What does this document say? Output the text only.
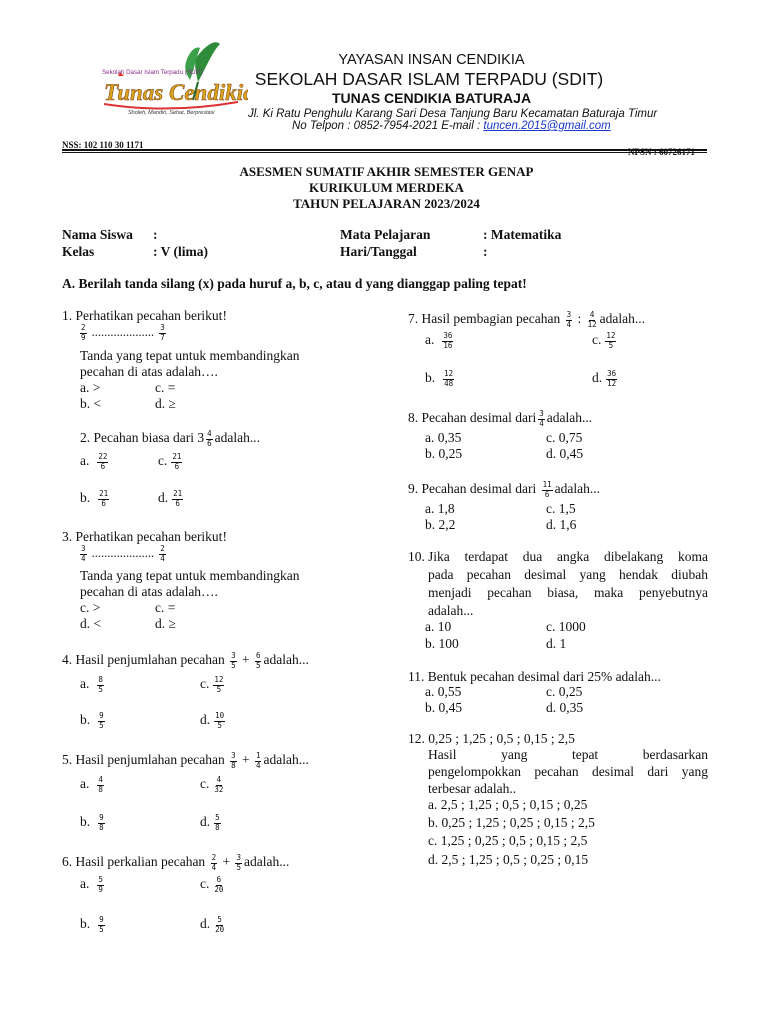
Sekolah Dasar Islam Terpadu (SDIT)
Tunas Cendikia
Sholeh, Mandiri, Sehat, Berprestasi
YAYASAN INSAN CENDIKIA
SEKOLAH DASAR ISLAM TERPADU (SDIT)
TUNAS CENDIKIA BATURAJA
Jl. Ki Ratu Penghulu Karang Sari Desa Tanjung Baru Kecamatan Baturaja Timur
No Telpon : 0852-7954-2021 E-mail : tuncen.2015@gmail.com
NSS: 102 110 30 1171
NPSN : 60726171
ASESMEN SUMATIF AKHIR SEMESTER GENAP
KURIKULUM MERDEKA
TAHUN PELAJARAN 2023/2024
Nama Siswa :
Kelas	: V (lima)
Mata Pelajaran	: Matematika
Hari/Tanggal	:
A. Berilah tanda silang (x) pada huruf a, b, c, atau d yang dianggap paling tepat!
1. Perhatikan pecahan berikut!
$\frac{2}{9}$ .................... $\frac{3}{7}$
Tanda yang tepat untuk membandingkan
pecahan di atas adalah….
a. >	c. =
b. <	d. ≥
2. Pecahan biasa dari $3 \frac{4}{6}$ adalah...
a. $\frac{22}{6}$	c. $\frac{21}{6}$
b. $\frac{21}{6}$	d. $\frac{21}{6}$
3. Perhatikan pecahan berikut!
$\frac{3}{4}$ .................... $\frac{2}{4}$
Tanda yang tepat untuk membandingkan
pecahan di atas adalah….
c. >	c. =
d. <	d. ≥
4. Hasil penjumlahan pecahan $\frac{3}{5} + \frac{6}{5}$ adalah...
a. $\frac{8}{5}$	c. $\frac{12}{5}$
b. $\frac{9}{5}$	d. $\frac{10}{5}$
5. Hasil penjumlahan pecahan $\frac{3}{8} + \frac{1}{4}$ adalah...
a. $\frac{4}{8}$	c. $\frac{4}{32}$
b. $\frac{9}{8}$	d. $\frac{5}{8}$
6. Hasil perkalian pecahan $\frac{2}{4} + \frac{3}{5}$ adalah...
a. $\frac{5}{9}$	c. $\frac{6}{20}$
b. $\frac{9}{5}$	d. $\frac{5}{20}$
7. Hasil pembagian pecahan $\frac{3}{4}$ : $\frac{4}{12}$ adalah...
a. $\frac{36}{16}$	c. $\frac{12}{5}$
b. $\frac{12}{48}$	d. $\frac{36}{12}$
8. Pecahan desimal dari $\frac{3}{4}$ adalah...
a. 0,35	c. 0,75
b. 0,25	d. 0,45
9. Pecahan desimal dari $\frac{11}{6}$ adalah...
a. 1,8	c. 1,5
b. 2,2	d. 1,6
10. Jika terdapat dua angka dibelakang koma
pada pecahan desimal yang hendak diubah
menjadi pecahan biasa, maka penyebutnya
adalah...
a. 10	c. 1000
b. 100	d. 1
11. Bentuk pecahan desimal dari 25% adalah...
a. 0,55	c. 0,25
b. 0,45	d. 0,35
12. 0,25 ; 1,25 ; 0,5 ; 0,15 ; 2,5
Hasil yang tepat berdasarkan
pengelompokkan pecahan desimal dari yang
terbesar adalah..
a. 2,5 ; 1,25 ; 0,5 ; 0,15 ; 0,25
b. 0,25 ; 1,25 ; 0,25 ; 0,15 ; 2,5
c. 1,25 ; 0,25 ; 0,5 ; 0,15 ; 2,5
d. 2,5 ; 1,25 ; 0,5 ; 0,25 ; 0,15
